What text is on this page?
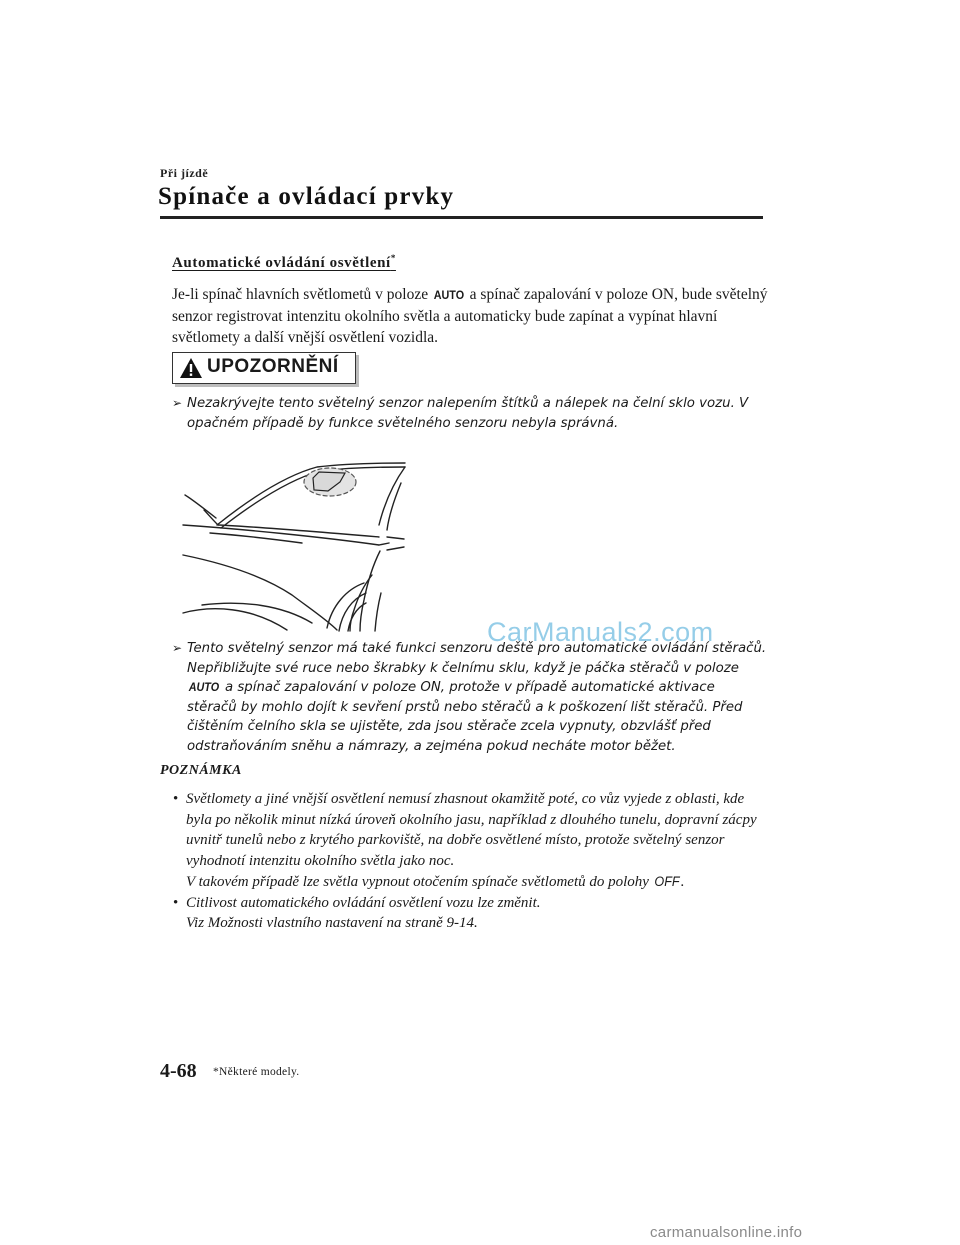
Při jízdě
Spínače a ovládací prvky
Automatické ovládání osvětlení*
Je-li spínač hlavních světlometů v poloze AUTO a spínač zapalování v poloze ON, bude světelný senzor registrovat intenzitu okolního světla a automaticky bude zapínat a vypínat hlavní světlomety a další vnější osvětlení vozidla.
UPOZORNĚNÍ
➢ Nezakrývejte tento světelný senzor nalepením štítků a nálepek na čelní sklo vozu. V opačném případě by funkce světelného senzoru nebyla správná.
➢ Tento světelný senzor má také funkci senzoru deště pro automatické ovládání stěračů. Nepřibližujte své ruce nebo škrabky k čelnímu sklu, když je páčka stěračů v poloze AUTO a spínač zapalování v poloze ON, protože v případě automatické aktivace stěračů by mohlo dojít k sevření prstů nebo stěračů a k poškození lišt stěračů. Před čištěním čelního skla se ujistěte, zda jsou stěrače zcela vypnuty, obzvlášť před odstraňováním sněhu a námrazy, a zejména pokud necháte motor běžet.
CarManuals2.com
POZNÁMKA
• Světlomety a jiné vnější osvětlení nemusí zhasnout okamžitě poté, co vůz vyjede z oblasti, kde byla po několik minut nízká úroveň okolního jasu, například z dlouhého tunelu, dopravní zácpy uvnitř tunelů nebo z krytého parkoviště, na dobře osvětlené místo, protože světelný senzor vyhodnotí intenzitu okolního světla jako noc.
V takovém případě lze světla vypnout otočením spínače světlometů do polohy OFF.
• Citlivost automatického ovládání osvětlení vozu lze změnit.
Viz Možnosti vlastního nastavení na straně 9-14.
4-68 *Některé modely.
carmanualsonline.info
